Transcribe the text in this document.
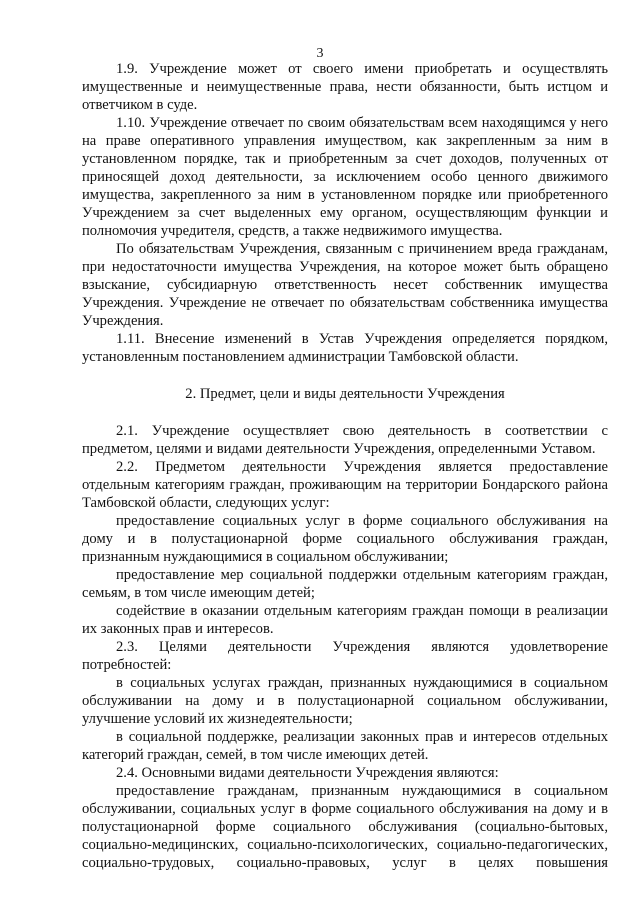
3

1.9. Учреждение может от своего имени приобретать и осуществлять имущественные и неимущественные права, нести обязанности, быть истцом и ответчиком в суде.

1.10. Учреждение отвечает по своим обязательствам всем находящимся у него на праве оперативного управления имуществом, как закрепленным за ним в установленном порядке, так и приобретенным за счет доходов, полученных от приносящей доход деятельности, за исключением особо ценного движимого имущества, закрепленного за ним в установленном порядке или приобретенного Учреждением за счет выделенных ему органом, осуществляющим функции и полномочия учредителя, средств, а также недвижимого имущества.

По обязательствам Учреждения, связанным с причинением вреда гражданам, при недостаточности имущества Учреждения, на которое может быть обращено взыскание, субсидиарную ответственность несет собственник имущества Учреждения. Учреждение не отвечает по обязательствам собственника имущества Учреждения.

1.11. Внесение изменений в Устав Учреждения определяется порядком, установленным постановлением администрации Тамбовской области.

2. Предмет, цели и виды деятельности Учреждения

2.1. Учреждение осуществляет свою деятельность в соответствии с предметом, целями и видами деятельности Учреждения, определенными Уставом.

2.2. Предметом деятельности Учреждения является предоставление отдельным категориям граждан, проживающим на территории Бондарского района Тамбовской области, следующих услуг:

предоставление социальных услуг в форме социального обслуживания на дому и в полустационарной форме социального обслуживания граждан, признанным нуждающимися в социальном обслуживании;

предоставление мер социальной поддержки отдельным категориям граждан, семьям, в том числе имеющим детей;

содействие в оказании отдельным категориям граждан помощи в реализации их законных прав и интересов.

2.3. Целями деятельности Учреждения являются удовлетворение потребностей:

в социальных услугах граждан, признанных нуждающимися в социальном обслуживании на дому и в полустационарной социальном обслуживании, улучшение условий их жизнедеятельности;

в социальной поддержке, реализации законных прав и интересов отдельных категорий граждан, семей, в том числе имеющих детей.

2.4. Основными видами деятельности Учреждения являются:

предоставление гражданам, признанным нуждающимися в социальном обслуживании, социальных услуг в форме социального обслуживания на дому и в полустационарной форме социального обслуживания (социально-бытовых, социально-медицинских, социально-психологических, социально-педагогических, социально-трудовых, социально-правовых, услуг в целях повышения
